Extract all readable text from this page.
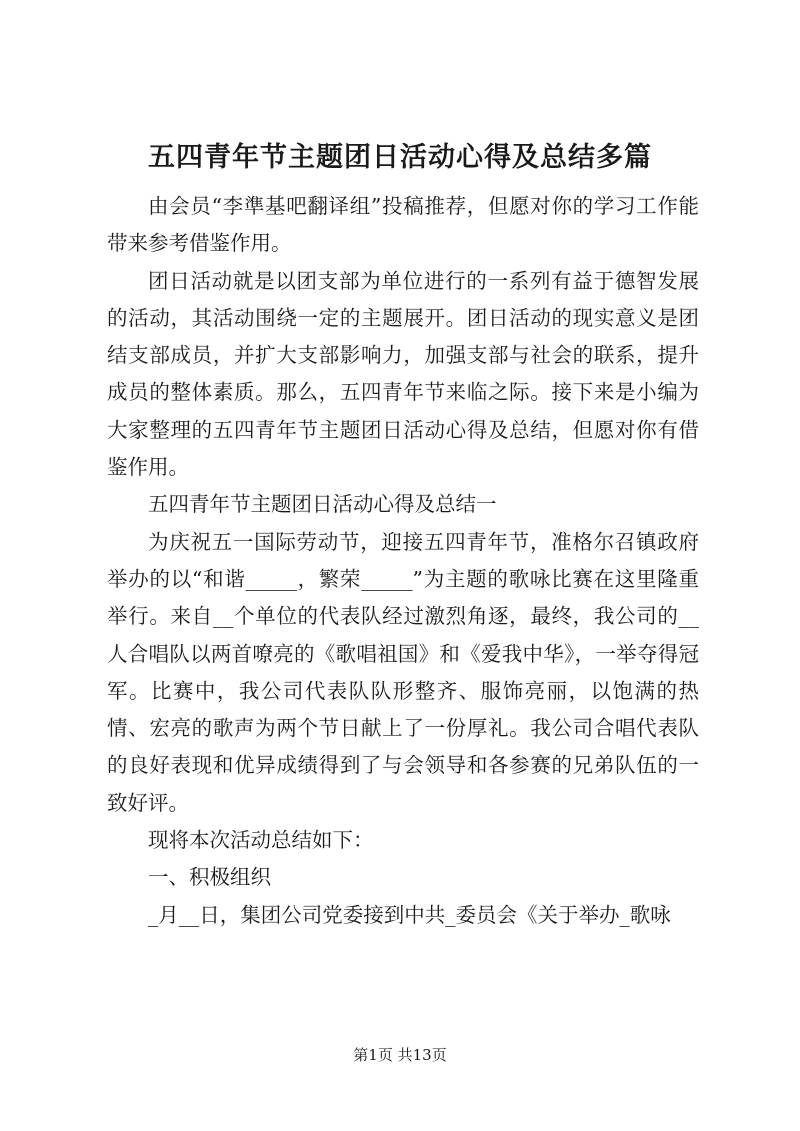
五四青年节主题团日活动心得及总结多篇

由会员“李準基吧翻译组”投稿推荐，但愿对你的学习工作能带来参考借鉴作用。

团日活动就是以团支部为单位进行的一系列有益于德智发展的活动，其活动围绕一定的主题展开。团日活动的现实意义是团结支部成员，并扩大支部影响力，加强支部与社会的联系，提升成员的整体素质。那么，五四青年节来临之际。接下来是小编为大家整理的五四青年节主题团日活动心得及总结，但愿对你有借鉴作用。

五四青年节主题团日活动心得及总结一

为庆祝五一国际劳动节，迎接五四青年节，准格尔召镇政府举办的以“和谐_____，繁荣_____”为主题的歌咏比赛在这里隆重举行。来自__个单位的代表队经过激烈角逐，最终，我公司的__人合唱队以两首嘹亮的《歌唱祖国》和《爱我中华》，一举夺得冠军。比赛中，我公司代表队队形整齐、服饰亮丽，以饱满的热情、宏亮的歌声为两个节日献上了一份厚礼。我公司合唱代表队的良好表现和优异成绩得到了与会领导和各参赛的兄弟队伍的一致好评。

现将本次活动总结如下：

一、积极组织

_月__日，集团公司党委接到中共_委员会《关于举办_歌咏

第1页 共13页
